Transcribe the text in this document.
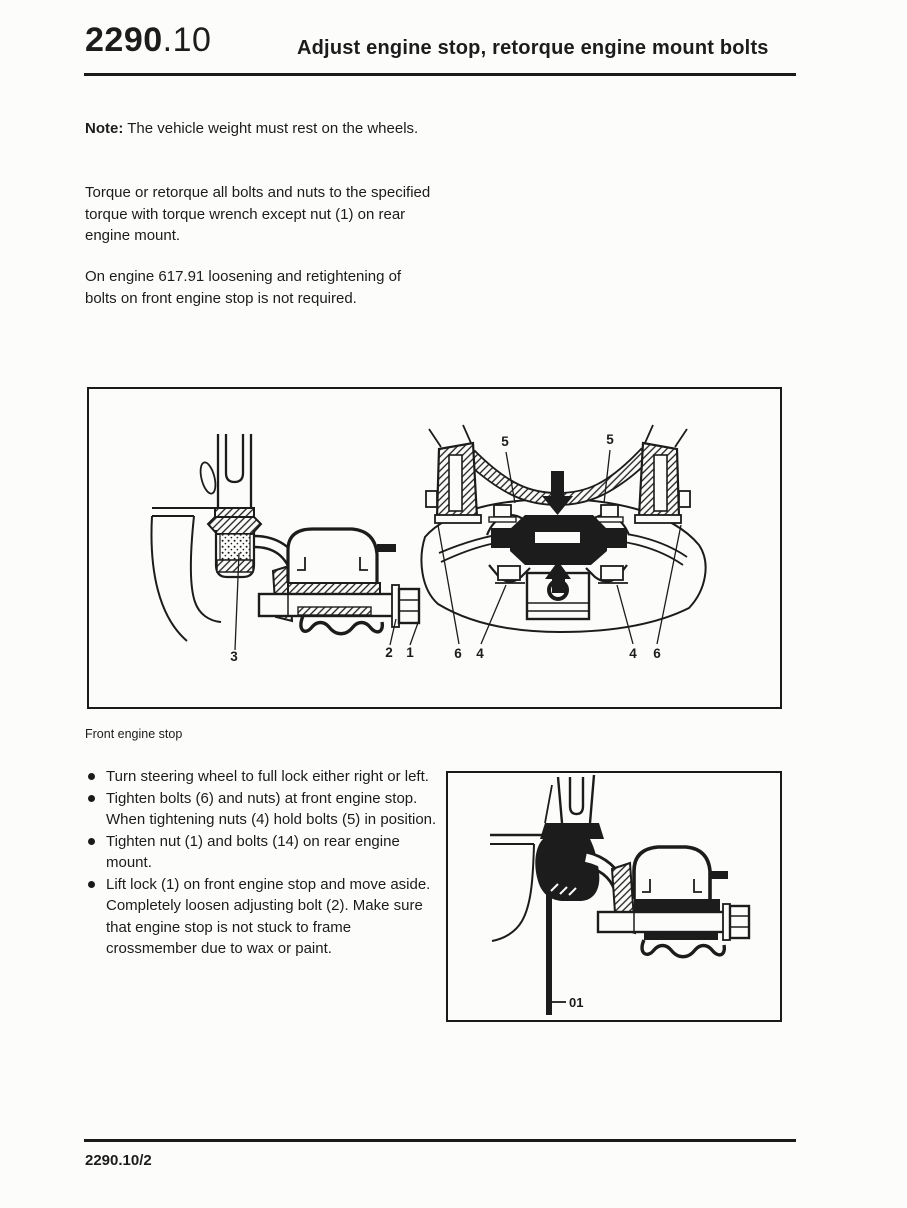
2290.10	Adjust engine stop, retorque engine mount bolts
Note: The vehicle weight must rest on the wheels.
Torque or retorque all bolts and nuts to the specified torque with torque wrench except nut (1) on rear engine mount.
On engine 617.91 loosening and retightening of bolts on front engine stop is not required.
3	2 1
5	5
6 4	4 6
Front engine stop
Turn steering wheel to full lock either right or left.
Tighten bolts (6) and nuts) at front engine stop. When tightening nuts (4) hold bolts (5) in position.
Tighten nut (1) and bolts (14) on rear engine mount.
Lift lock (1) on front engine stop and move aside. Completely loosen adjusting bolt (2). Make sure that engine stop is not stuck to frame crossmember due to wax or paint.
01
2290.10/2
